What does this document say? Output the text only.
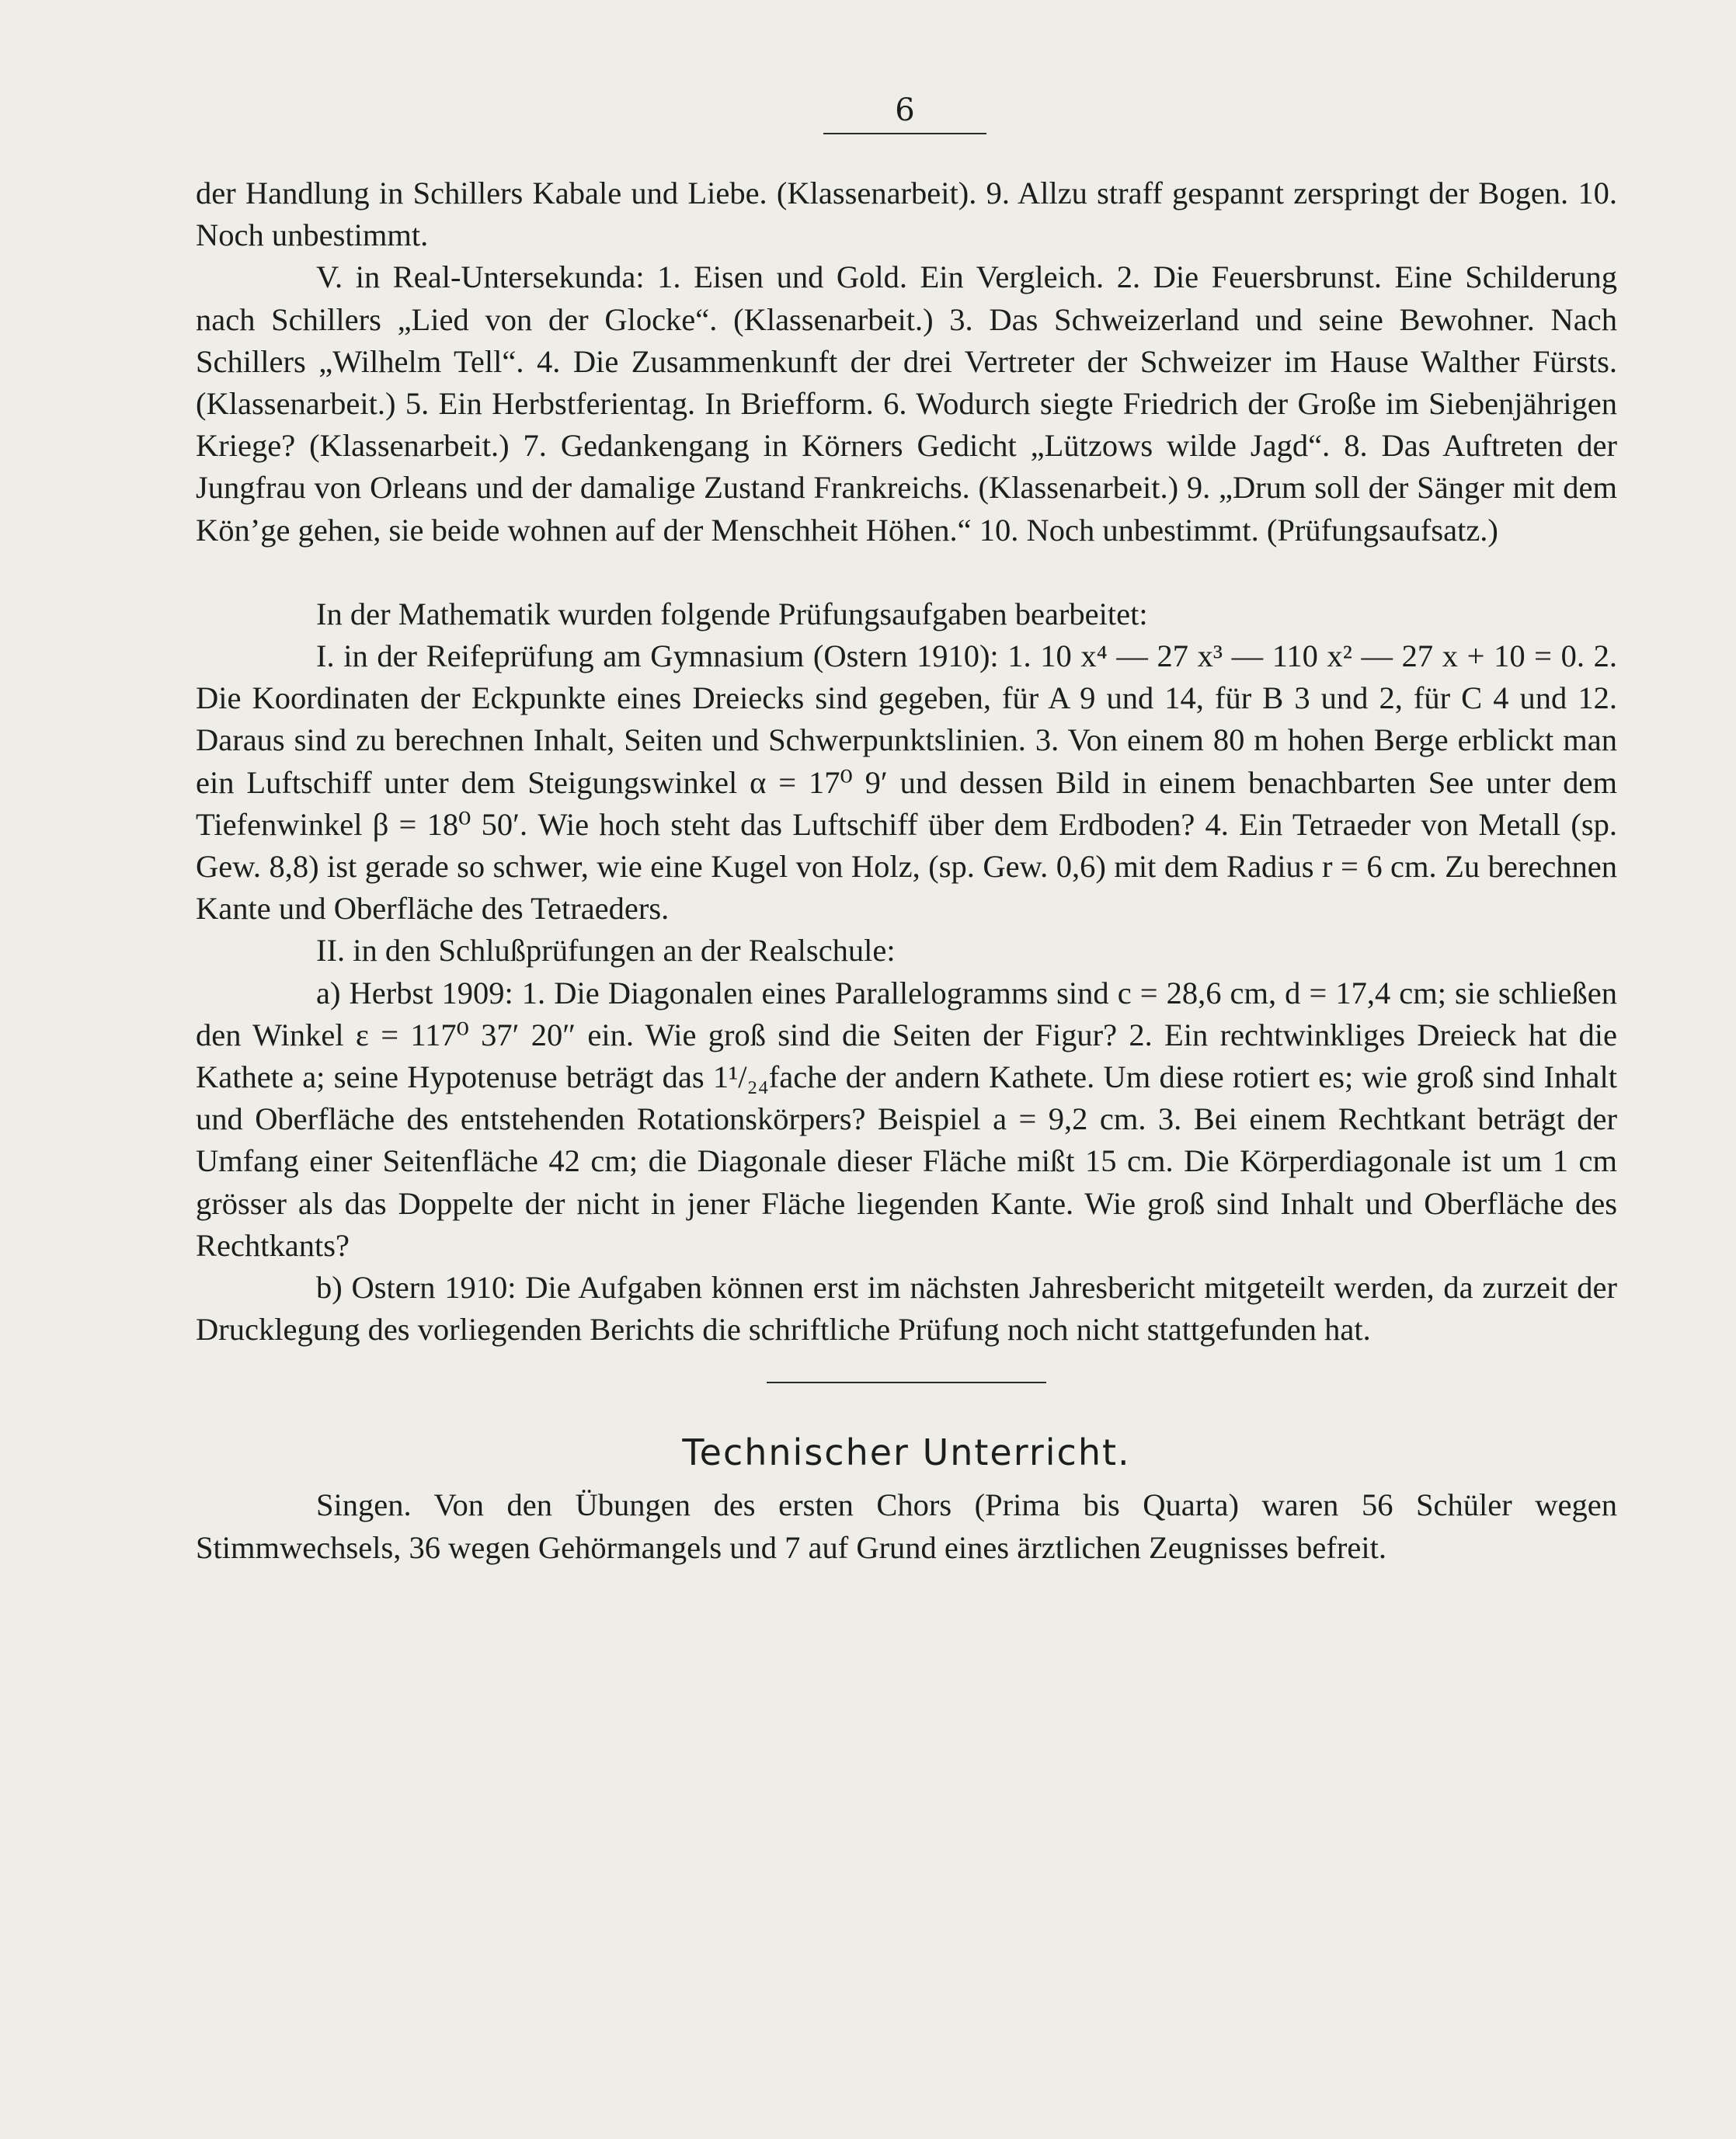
6

der Handlung in Schillers Kabale und Liebe. (Klassenarbeit). 9. Allzu straff gespannt zerspringt der Bogen. 10. Noch unbestimmt.

V. in Real-Untersekunda: 1. Eisen und Gold. Ein Vergleich. 2. Die Feuersbrunst. Eine Schilderung nach Schillers „Lied von der Glocke“. (Klassenarbeit.) 3. Das Schweizerland und seine Bewohner. Nach Schillers „Wilhelm Tell“. 4. Die Zusammenkunft der drei Vertreter der Schweizer im Hause Walther Fürsts. (Klassenarbeit.) 5. Ein Herbstferientag. In Briefform. 6. Wodurch siegte Friedrich der Große im Siebenjährigen Kriege? (Klassenarbeit.) 7. Gedankengang in Körners Gedicht „Lützows wilde Jagd“. 8. Das Auftreten der Jungfrau von Orleans und der damalige Zustand Frankreichs. (Klassenarbeit.) 9. „Drum soll der Sänger mit dem Kön’ge gehen, sie beide wohnen auf der Menschheit Höhen.“ 10. Noch unbestimmt. (Prüfungsaufsatz.)

In der Mathematik wurden folgende Prüfungsaufgaben bearbeitet:

I. in der Reifeprüfung am Gymnasium (Ostern 1910): 1. 10 x⁴ — 27 x³ — 110 x² — 27 x + 10 = 0. 2. Die Koordinaten der Eckpunkte eines Dreiecks sind gegeben, für A 9 und 14, für B 3 und 2, für C 4 und 12. Daraus sind zu berechnen Inhalt, Seiten und Schwerpunktslinien. 3. Von einem 80 m hohen Berge erblickt man ein Luftschiff unter dem Steigungswinkel α = 17⁰ 9′ und dessen Bild in einem benachbarten See unter dem Tiefenwinkel β = 18⁰ 50′. Wie hoch steht das Luftschiff über dem Erdboden? 4. Ein Tetraeder von Metall (sp. Gew. 8,8) ist gerade so schwer, wie eine Kugel von Holz, (sp. Gew. 0,6) mit dem Radius r = 6 cm. Zu berechnen Kante und Oberfläche des Tetraeders.

II. in den Schlußprüfungen an der Realschule:

a) Herbst 1909: 1. Die Diagonalen eines Parallelogramms sind c = 28,6 cm, d = 17,4 cm; sie schließen den Winkel ε = 117⁰ 37′ 20″ ein. Wie groß sind die Seiten der Figur? 2. Ein rechtwinkliges Dreieck hat die Kathete a; seine Hypotenuse beträgt das 1¹/₂₄fache der andern Kathete. Um diese rotiert es; wie groß sind Inhalt und Oberfläche des entstehenden Rotationskörpers? Beispiel a = 9,2 cm. 3. Bei einem Rechtkant beträgt der Umfang einer Seitenfläche 42 cm; die Diagonale dieser Fläche mißt 15 cm. Die Körperdiagonale ist um 1 cm grösser als das Doppelte der nicht in jener Fläche liegenden Kante. Wie groß sind Inhalt und Oberfläche des Rechtkants?

b) Ostern 1910: Die Aufgaben können erst im nächsten Jahresbericht mitgeteilt werden, da zurzeit der Drucklegung des vorliegenden Berichts die schriftliche Prüfung noch nicht stattgefunden hat.

Technischer Unterricht.

Singen. Von den Übungen des ersten Chors (Prima bis Quarta) waren 56 Schüler wegen Stimmwechsels, 36 wegen Gehörmangels und 7 auf Grund eines ärztlichen Zeugnisses befreit.
